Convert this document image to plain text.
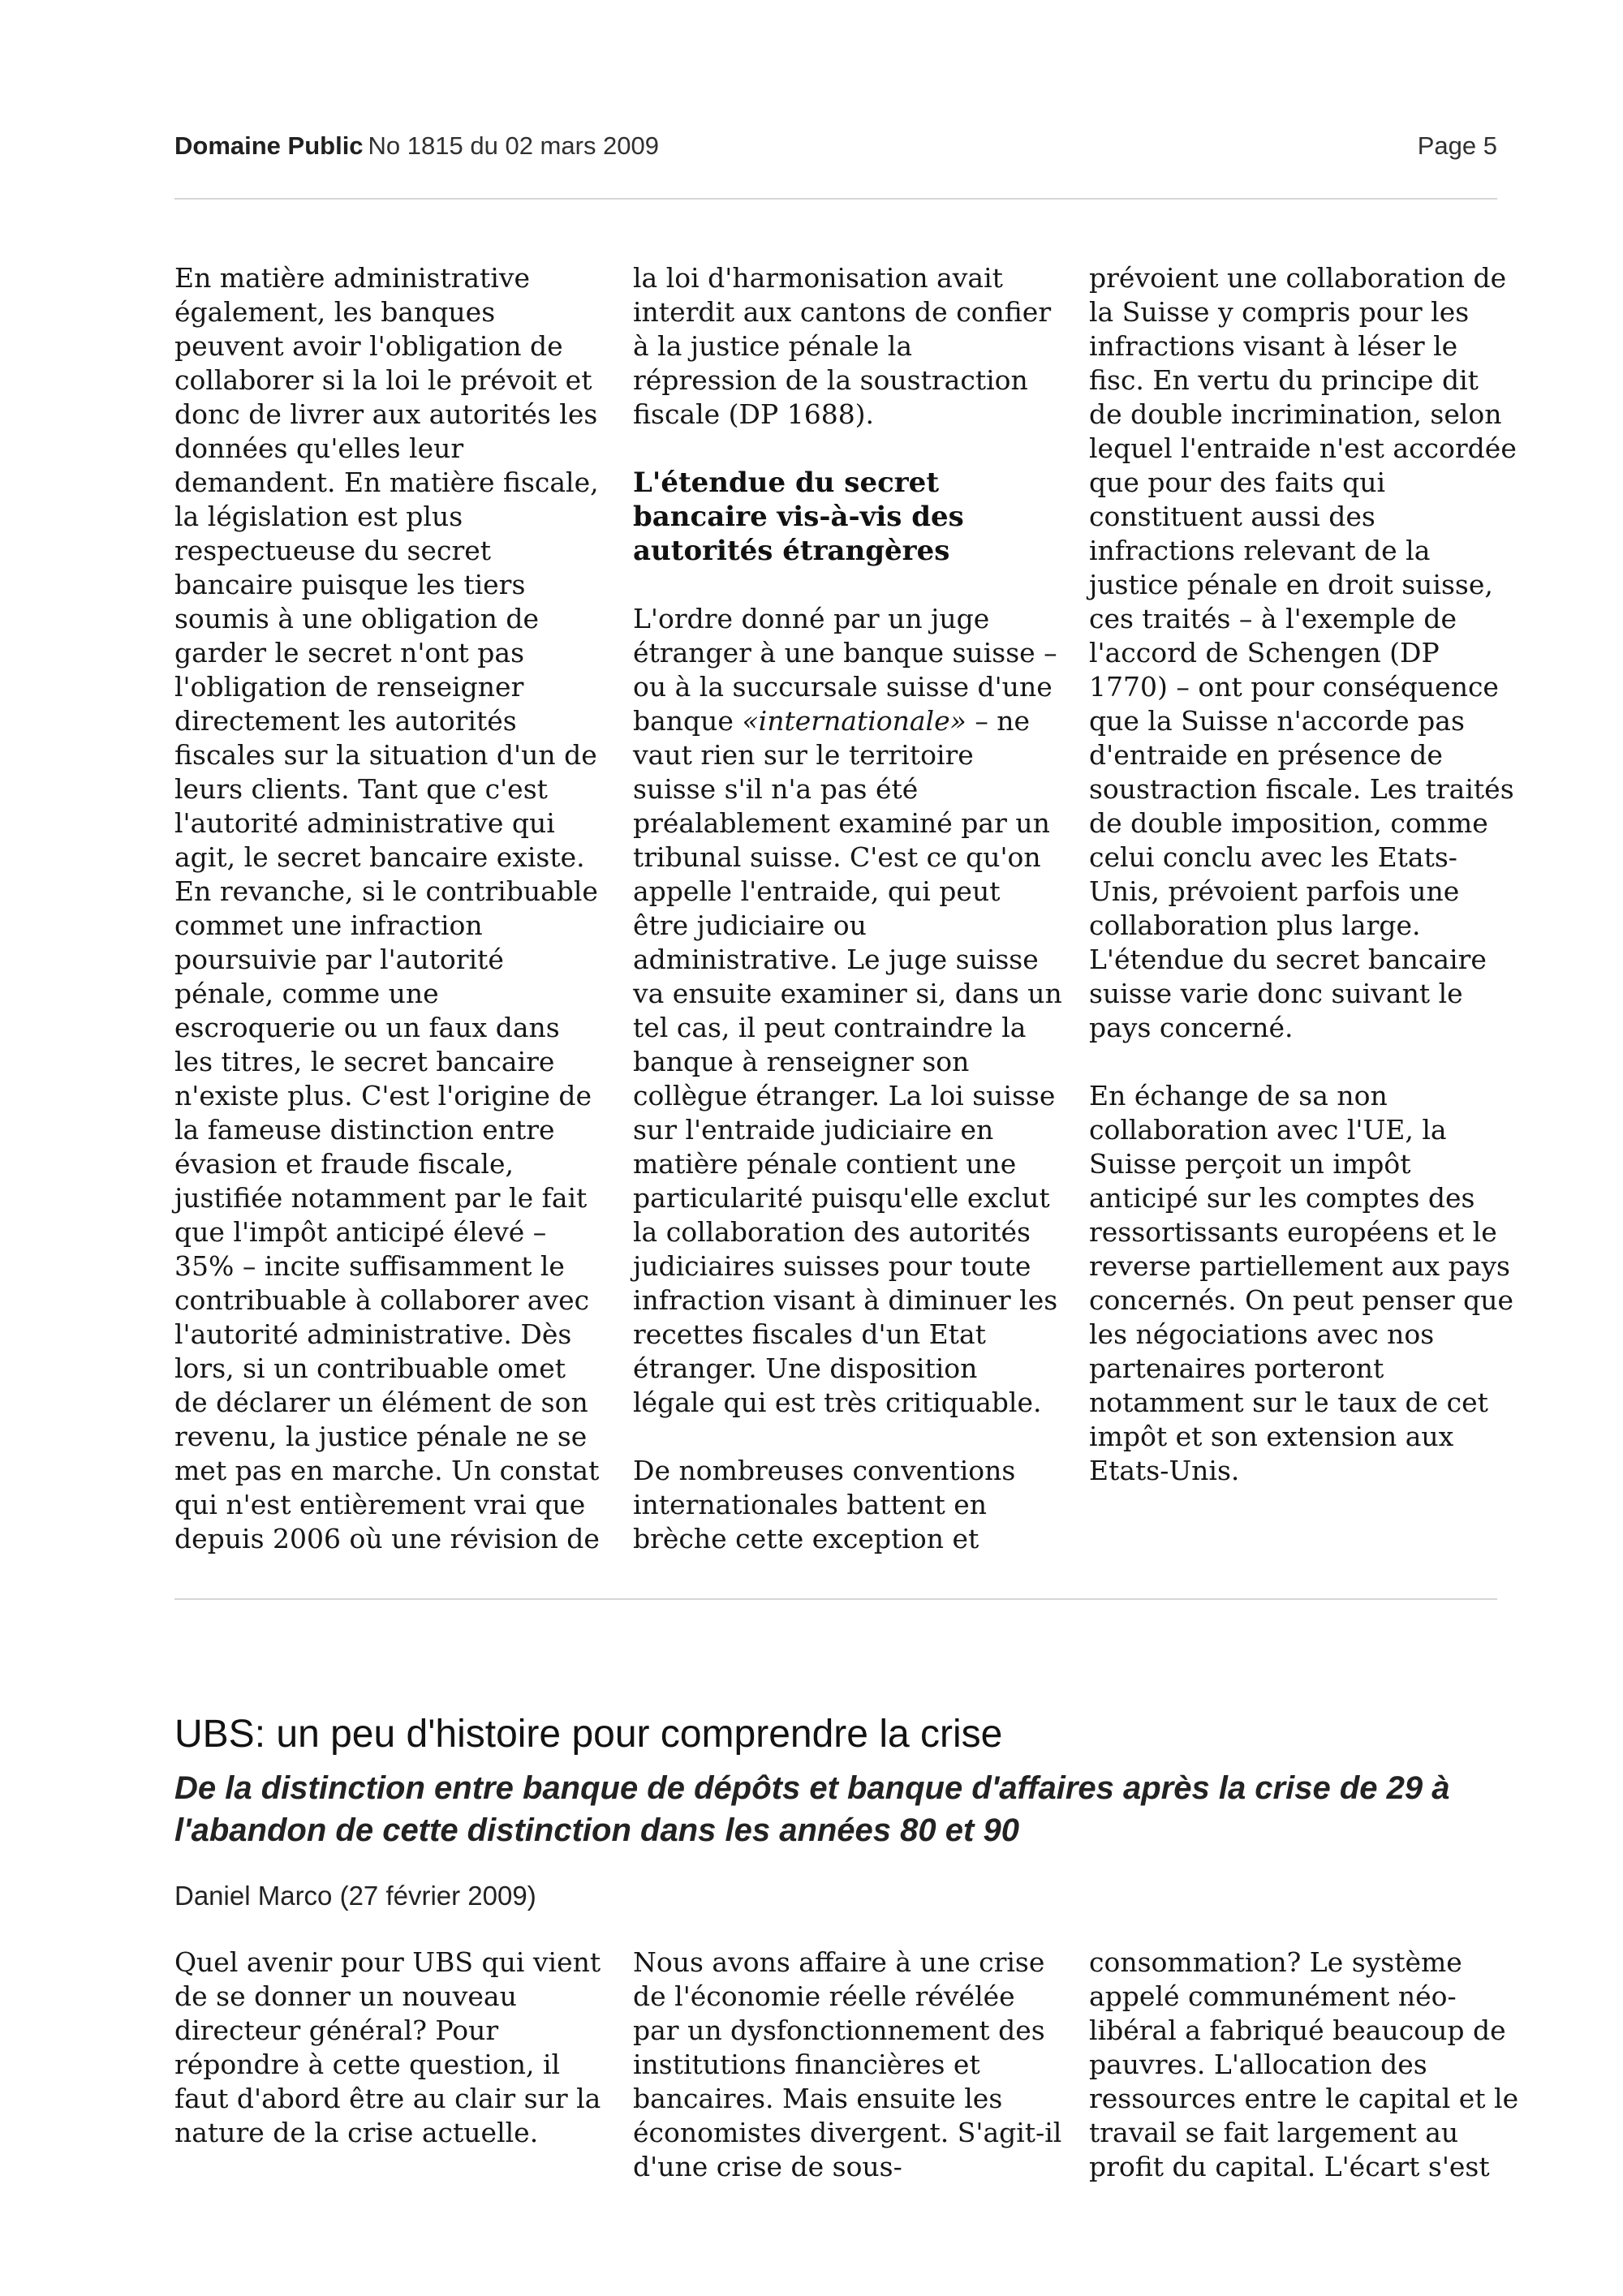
Domaine Public No 1815 du 02 mars 2009	Page 5

En matière administrative également, les banques peuvent avoir l'obligation de collaborer si la loi le prévoit et donc de livrer aux autorités les données qu'elles leur demandent. En matière fiscale, la législation est plus respectueuse du secret bancaire puisque les tiers soumis à une obligation de garder le secret n'ont pas l'obligation de renseigner directement les autorités fiscales sur la situation d'un de leurs clients. Tant que c'est l'autorité administrative qui agit, le secret bancaire existe. En revanche, si le contribuable commet une infraction poursuivie par l'autorité pénale, comme une escroquerie ou un faux dans les titres, le secret bancaire n'existe plus. C'est l'origine de la fameuse distinction entre évasion et fraude fiscale, justifiée notamment par le fait que l'impôt anticipé élevé – 35% – incite suffisamment le contribuable à collaborer avec l'autorité administrative. Dès lors, si un contribuable omet de déclarer un élément de son revenu, la justice pénale ne se met pas en marche. Un constat qui n'est entièrement vrai que depuis 2006 où une révision de

la loi d'harmonisation avait interdit aux cantons de confier à la justice pénale la répression de la soustraction fiscale (DP 1688).

L'étendue du secret bancaire vis-à-vis des autorités étrangères

L'ordre donné par un juge étranger à une banque suisse – ou à la succursale suisse d'une banque «internationale» – ne vaut rien sur le territoire suisse s'il n'a pas été préalablement examiné par un tribunal suisse. C'est ce qu'on appelle l'entraide, qui peut être judiciaire ou administrative. Le juge suisse va ensuite examiner si, dans un tel cas, il peut contraindre la banque à renseigner son collègue étranger. La loi suisse sur l'entraide judiciaire en matière pénale contient une particularité puisqu'elle exclut la collaboration des autorités judiciaires suisses pour toute infraction visant à diminuer les recettes fiscales d'un Etat étranger. Une disposition légale qui est très critiquable.

De nombreuses conventions internationales battent en brèche cette exception et

prévoient une collaboration de la Suisse y compris pour les infractions visant à léser le fisc. En vertu du principe dit de double incrimination, selon lequel l'entraide n'est accordée que pour des faits qui constituent aussi des infractions relevant de la justice pénale en droit suisse, ces traités – à l'exemple de l'accord de Schengen (DP 1770) – ont pour conséquence que la Suisse n'accorde pas d'entraide en présence de soustraction fiscale. Les traités de double imposition, comme celui conclu avec les Etats-Unis, prévoient parfois une collaboration plus large. L'étendue du secret bancaire suisse varie donc suivant le pays concerné.

En échange de sa non collaboration avec l'UE, la Suisse perçoit un impôt anticipé sur les comptes des ressortissants européens et le reverse partiellement aux pays concernés. On peut penser que les négociations avec nos partenaires porteront notamment sur le taux de cet impôt et son extension aux Etats-Unis.

UBS: un peu d'histoire pour comprendre la crise
De la distinction entre banque de dépôts et banque d'affaires après la crise de 29 à l'abandon de cette distinction dans les années 80 et 90

Daniel Marco (27 février 2009)

Quel avenir pour UBS qui vient de se donner un nouveau directeur général? Pour répondre à cette question, il faut d'abord être au clair sur la nature de la crise actuelle.

Nous avons affaire à une crise de l'économie réelle révélée par un dysfonctionnement des institutions financières et bancaires. Mais ensuite les économistes divergent. S'agit-il d'une crise de sous-

consommation? Le système appelé communément néo-libéral a fabriqué beaucoup de pauvres. L'allocation des ressources entre le capital et le travail se fait largement au profit du capital. L'écart s'est
